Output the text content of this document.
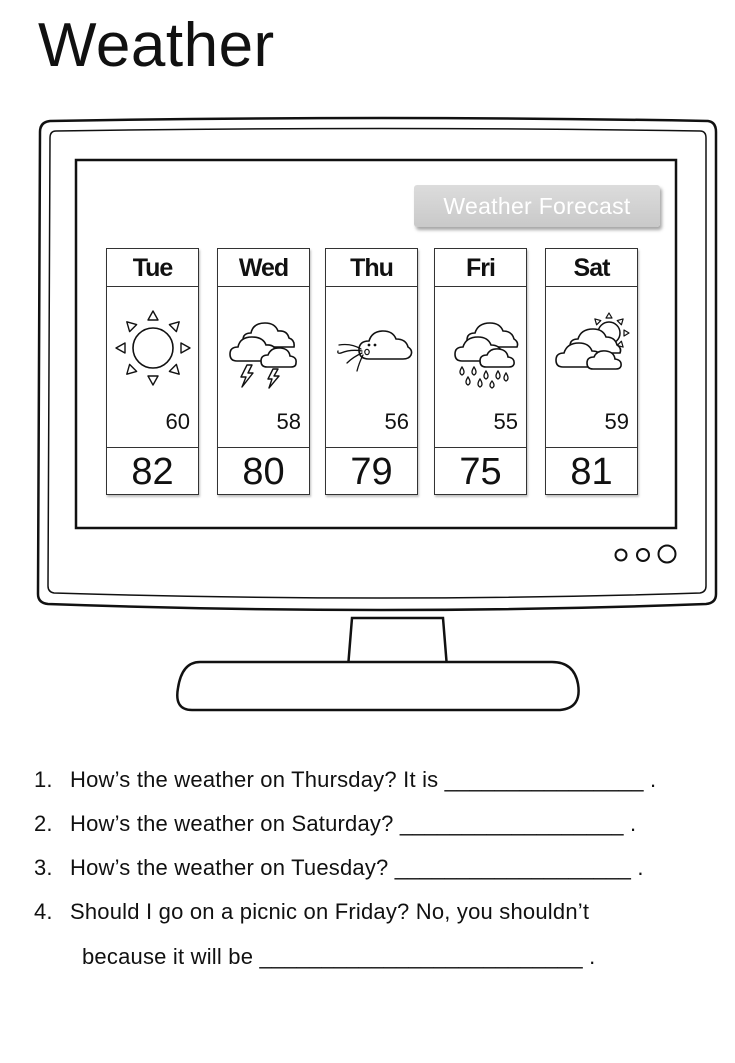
Weather
Weather Forecast
Tue
60
82
Wed
58
80
Thu
56
79
Fri
55
75
Sat
59
81
1. How’s the weather on Thursday? It is ________________ .
2. How’s the weather on Saturday? __________________ .
3. How’s the weather on Tuesday? ___________________ .
4. Should I go on a picnic on Friday? No, you shouldn’t
because it will be __________________________ .
